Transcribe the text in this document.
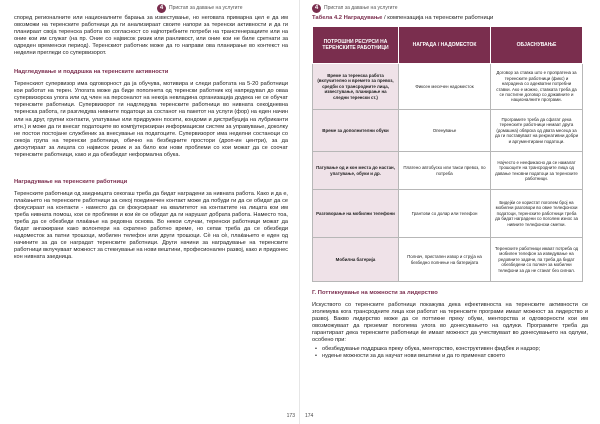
4	Пристап за давање на услугите

според регионалните или националните барања за известување, но неговата примарна цел е да им овозможи на теренските работници да ги анализираат своите напори за теренски активности и да ги планираат своја теренска работа во согласност со најпотребните потреби на трансгенерациите или на оние кои им служат (на пр. Оние со највисок ризик или ранливост, или оние кои не биле сретнати за одреден временски период). Теренскиот работник може да го направи ова планирање во контекст на неделни прегледи со супервизорот.

Надгледување и поддршка на теренските активности

Теренскиот супервизор има одговорност да ја обучува, мотивира и следи работата на 5-20 работници кои работат на терен. Улогата може да биде пополнета од теренски работник кој напредувал до оваа супервизорска улога или од член на персоналот на некоја невладина организација додека не се обучат теренските работници. Супервизорот ги надгледува теренските работници во нивната секојдневна теренска работа, ги разгледува нивните податоци за состанот на пакетот на услуги (фор) на еден начин или на друг, групни контакти, улатување или придружен посети, кондоми и дистрибуција на лубриканти итн.) и може да ги внесат податоците во компјутеризиран информациски систем за управување, доколку не постои постојане службеник за внесување на податоците. Супервизорот има неделни состаноци со секоја група на теренски работници, обично на безбедните простори (дроп-ин центри), за да дискутираат за лицата со највисок ризик и за било кои нови проблеми со кои можат да се соочат теренските работници, како и да обезбедат неформална обука.

Наградување на теренските работници

Теренските работници од заедницата секогаш треба да бидат наградени за нивната работа. Како и да е, плаќањето на теренските работници за секој поединечен контакт може да побуди ги да се обидат да се фокусираат на контакти - наместо да се фокусираат на квалитетот на контактите на лицата кои им треба нивната помош, кои се проблеми и кои ќе се обидат да ги нарушат добрата работа. Наместо тоа, треба да се обезбеди плаќање на редовна основа. Во некои случаи, теренски работници можат да бидат ангажирани како волонтери на скратено работно време, но сепак треба да се обезбеди надоместок за патни трошоци, мобилен телефон или други трошоци. Сѐ на сѐ, плаќањето е еден од начините за да се наградат теренските работници. Други начини за наградување на теренските работници вклучуваат можност за стекнување на нови вештини, професионален развој, како и придонес кон нивната заедница.

173
4	Пристап за давање на услугите
Табела 4.2 Наградување / компензација на теренските работници
ПОТРОШНИ РЕСУРСИ НА ТЕРЕНСКИТЕ РАБОТНИЦИ	НАГРАДА / НАДОМЕСТОК	ОБЈАСНУВАЊЕ
Време за теренска работа (вклучително и времето за превоз, средби со трансродните лица, известување, планирање на следни теренски ст.)	Фиксен месечен надоместок	Договор за ставка што е пропратена за теренските работници (фикс) и наградена со адекватни потребни ставки. Ако е можно, ставката треба да се постигне договор со државните и националните програми.
Време за дополнителни обуки	Опенување	Програмите треба да сфатат дека теренските работници немаат друга (домашна) обврска од двата месеца за да ги поставуваат на рекреативни добри и аргументирани податоци.
Патување од и кон места до настан, упатување, обуки и др.	Платено автобуско или такси превоз, по потреба	Најчесто е неефикасно да се намалат трошоците на трансродните лица од давање тековни податоци за теренските работници.
Разговорање на мобилни телефони	Грантови со долар или телефон	Бидејќи се користат поголем број на мобилни разговори во овие телефонски податоци, теренските работници треба да бидат наградени со поголем износ за нивните телефонски сметки.
Мобилна батерија	Полнач, пристапен извор и струја на безбедно полнење на батеријата	Теренските работници имаат потреба од мобилен телефон за изведување на редовните задачи, па треба да бидат обезбедени со полнач за мобилни телефони за да не станат без сигнал.
Г. Поттикнување на можности за лидерство

Искуството со теренските работници покажува дека ефективноста на теренските активности се зголемува кога трансродните лица кои работат на теренските програми имаат можност за лидерство и развој. Вакво лидерство може да се поттикне преку обуки, менторства и одговорности кои им овозможуваат да преземат поголема улога во донесувањето на одлуки. Програмите треба да гарантираат дека теренските работници ќе имаат можност да учествуваат во донесувањето на одлуки, особено при:

• обезбедување поддршка преку обука, менторство, конструктивен фидбек и надзор;
• нудење можности за да научат нови вештини и да го применат своето
174
